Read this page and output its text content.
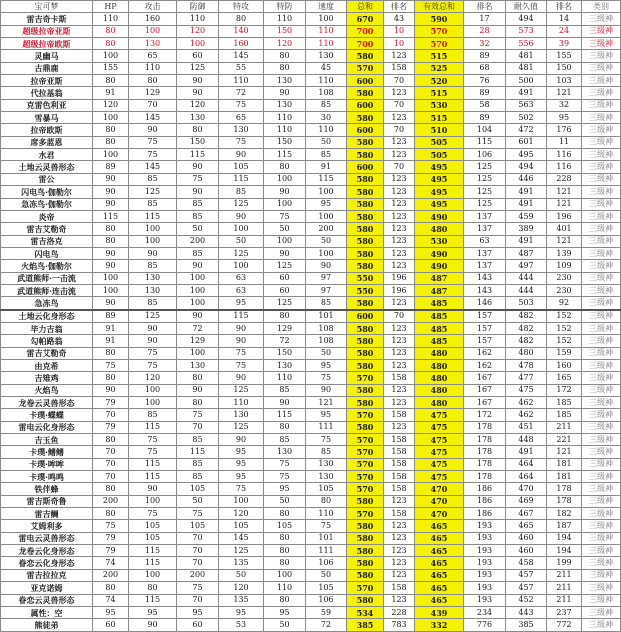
宝可梦	HP	攻击	防御	特攻	特防	速度	总和	排名	有效总和	排名	耐久值	排名	类别
雷吉奇卡斯	110	160	110	80	110	100	670	43	590	17	494	14	三级神
超级拉帝亚斯	80	100	120	140	150	110	700	10	570	28	573	24	三级神
超级拉帝欧斯	80	130	100	160	120	110	700	10	570	32	556	39	三级神
灵幽马	100	65	60	145	80	130	580	123	515	89	481	155	三级神
古鼎鹿	155	110	125	55	80	45	570	158	525	68	481	150	三级神
拉帝亚斯	80	80	90	110	130	110	600	70	520	76	500	103	三级神
代拉基翁	91	129	90	72	90	108	580	123	515	89	491	121	三级神
克雷色利亚	120	70	120	75	130	85	600	70	530	58	563	32	三级神
雪暴马	100	145	130	65	110	30	580	123	515	89	502	95	三级神
拉帝欧斯	80	90	80	130	110	110	600	70	510	104	472	176	三级神
席多蓝恩	80	75	150	75	150	50	580	123	505	115	601	11	三级神
水君	100	75	115	90	115	85	580	123	505	106	495	116	三级神
土地云灵兽形态	89	145	90	105	80	91	600	70	495	125	494	116	三级神
雷公	90	85	75	115	100	115	580	123	495	125	446	228	三级神
闪电鸟·伽勒尔	90	125	90	85	90	100	580	123	495	125	491	121	三级神
急冻鸟·伽勒尔	90	85	85	125	100	95	580	123	495	125	491	121	三级神
炎帝	115	115	85	90	75	100	580	123	490	137	459	196	三级神
雷吉艾勒奇	80	100	50	100	50	200	580	123	480	137	389	401	三级神
雷吉洛克	80	100	200	50	100	50	580	123	530	63	491	121	三级神
闪电鸟	90	90	85	125	90	100	580	123	490	137	487	139	三级神
火焰鸟·伽勒尔	90	85	90	100	125	90	580	123	490	137	497	109	三级神
武道熊师·一击流	100	130	100	63	60	97	550	196	487	143	444	230	三级神
武道熊师·连击流	100	130	100	63	60	97	550	196	487	143	444	230	三级神
急冻鸟	90	85	100	95	125	85	580	123	485	146	503	92	三级神
土地云化身形态	89	125	90	115	80	101	600	70	485	157	482	152	三级神
毕力吉翁	91	90	72	90	129	108	580	123	485	157	482	152	三级神
勾帕路翁	91	90	129	90	72	108	580	123	485	157	482	152	三级神
雷吉艾勒奇	80	75	100	75	150	50	580	123	480	162	480	159	三级神
由克希	75	75	130	75	130	95	580	123	480	162	478	160	三级神
吉雉鸡	80	120	80	90	110	75	570	158	480	167	477	165	三级神
火焰鸟	90	100	90	125	85	90	580	123	480	167	475	172	三级神
龙卷云灵兽形态	79	100	80	110	90	121	580	123	480	167	462	185	三级神
卡璞·蝶蝶	70	85	75	130	115	95	570	158	475	172	462	185	三级神
雷电云化身形态	79	115	70	125	80	111	580	123	475	178	451	211	三级神
吉玉鱼	80	75	85	90	85	75	570	158	475	178	448	221	三级神
卡璞·鳍鳍	70	75	115	95	130	85	570	158	475	178	491	121	三级神
卡璞·哞哞	70	115	85	95	75	130	570	158	475	178	464	181	三级神
卡璞·鸣鸣	70	115	85	95	75	130	570	158	475	178	464	181	三级神
铁伴蜂	80	90	105	75	95	105	570	158	470	186	470	178	三级神
雷吉斯奇鲁	200	100	50	100	50	80	580	123	470	186	469	178	三级神
雷吉鲷	80	75	75	120	80	110	570	158	470	186	467	182	三级神
艾姆利多	75	105	105	105	105	75	580	123	465	193	465	187	三级神
雷电云灵兽形态	79	105	70	145	80	101	580	123	465	193	460	194	三级神
龙卷云化身形态	79	115	70	125	80	111	580	123	465	193	460	194	三级神
眷恋云化身形态	74	115	70	135	80	106	580	123	465	193	458	199	三级神
雷吉拉拉克	200	100	200	50	100	50	580	123	465	193	457	211	三级神
亚克诺姆	80	80	75	120	110	105	570	158	465	193	457	211	三级神
眷恋云灵兽形态	74	115	70	135	80	106	580	123	465	193	452	211	三级神
属性：空	95	95	95	95	95	59	534	228	439	234	443	237	三级神
熊徒弟	60	90	60	53	50	72	385	783	332	776	385	772	三级神
